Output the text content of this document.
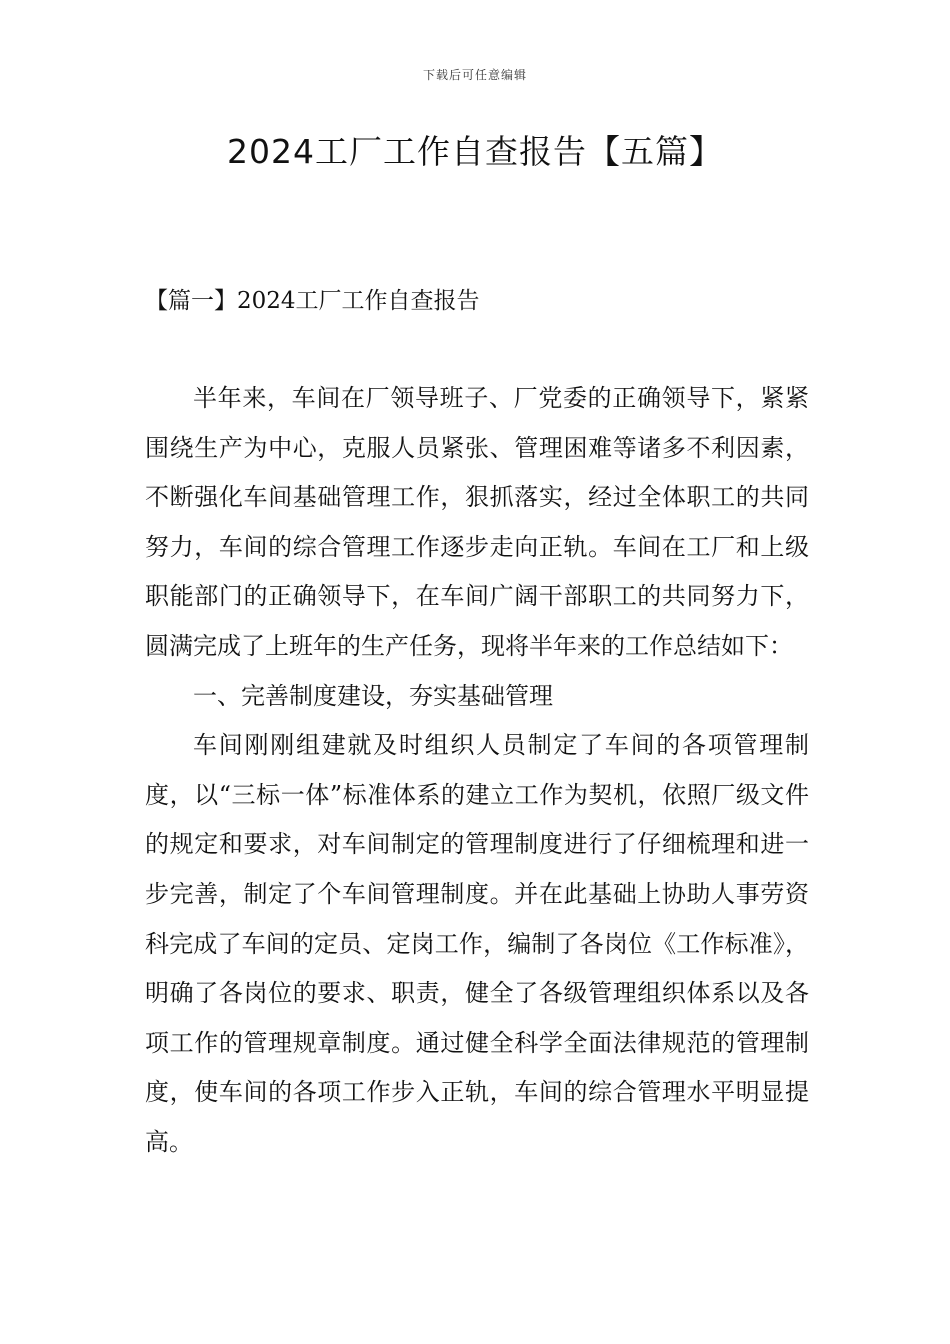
下载后可任意编辑
2024工厂工作自查报告【五篇】
【篇一】2024工厂工作自查报告

半年来，车间在厂领导班子、厂党委的正确领导下，紧紧围绕生产为中心，克服人员紧张、管理困难等诸多不利因素，不断强化车间基础管理工作，狠抓落实，经过全体职工的共同努力，车间的综合管理工作逐步走向正轨。车间在工厂和上级职能部门的正确领导下，在车间广阔干部职工的共同努力下，圆满完成了上班年的生产任务，现将半年来的工作总结如下：

一、完善制度建设，夯实基础管理

车间刚刚组建就及时组织人员制定了车间的各项管理制度，以“三标一体”标准体系的建立工作为契机，依照厂级文件的规定和要求，对车间制定的管理制度进行了仔细梳理和进一步完善，制定了个车间管理制度。并在此基础上协助人事劳资科完成了车间的定员、定岗工作，编制了各岗位《工作标准》，明确了各岗位的要求、职责，健全了各级管理组织体系以及各项工作的管理规章制度。通过健全科学全面法律规范的管理制度，使车间的各项工作步入正轨，车间的综合管理水平明显提高。
